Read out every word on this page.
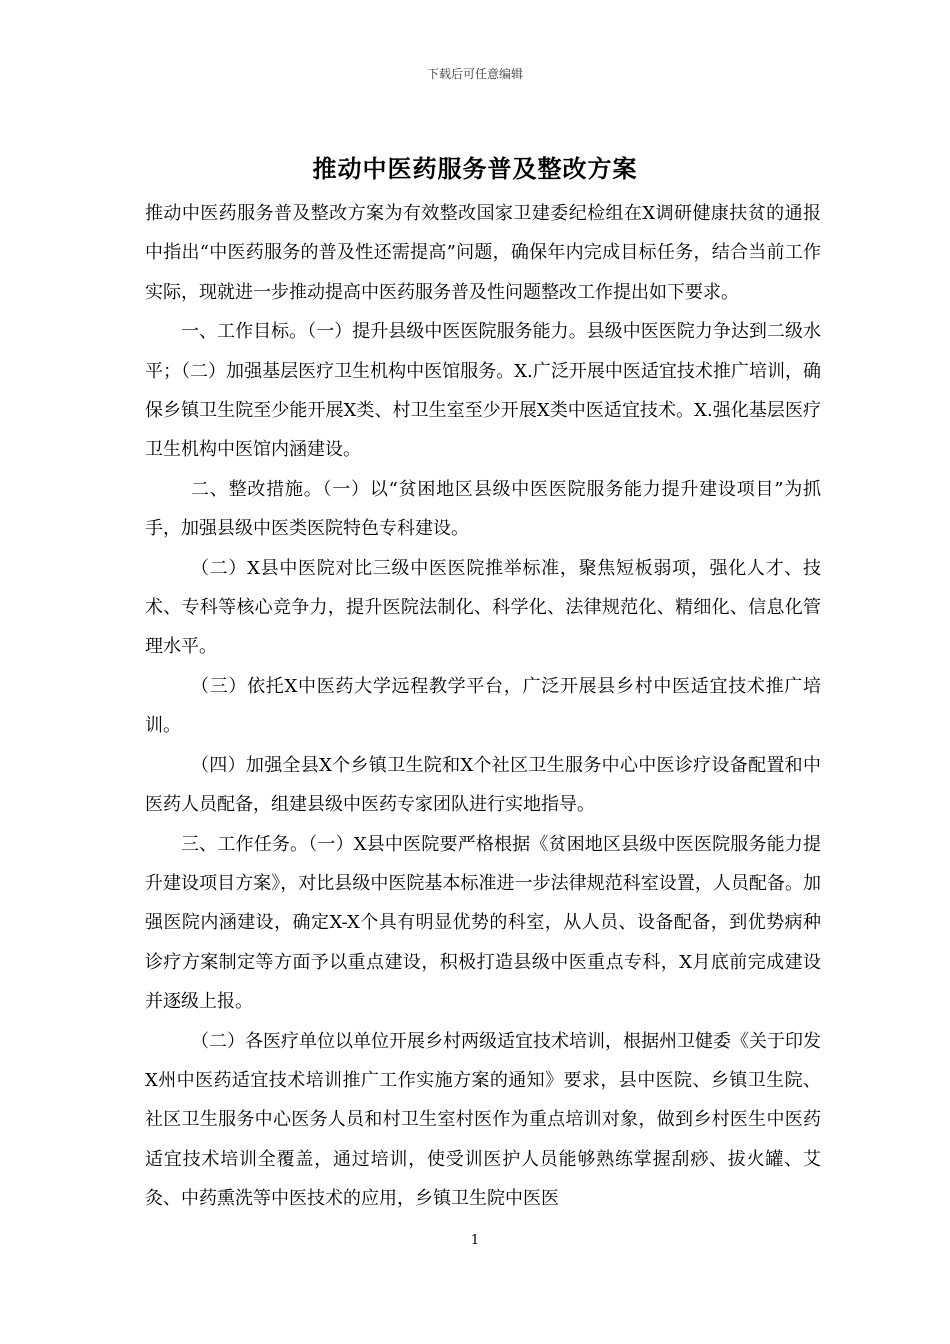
下载后可任意编辑
推动中医药服务普及整改方案

推动中医药服务普及整改方案为有效整改国家卫建委纪检组在X调研健康扶贫的通报中指出“中医药服务的普及性还需提高”问题，确保年内完成目标任务，结合当前工作实际，现就进一步推动提高中医药服务普及性问题整改工作提出如下要求。

一、工作目标。（一）提升县级中医医院服务能力。县级中医医院力争达到二级水平；（二）加强基层医疗卫生机构中医馆服务。X.广泛开展中医适宜技术推广培训，确保乡镇卫生院至少能开展X类、村卫生室至少开展X类中医适宜技术。X.强化基层医疗卫生机构中医馆内涵建设。

二、整改措施。（一）以“贫困地区县级中医医院服务能力提升建设项目”为抓手，加强县级中医类医院特色专科建设。

（二）X县中医院对比三级中医医院推举标准，聚焦短板弱项，强化人才、技术、专科等核心竞争力，提升医院法制化、科学化、法律规范化、精细化、信息化管理水平。

（三）依托X中医药大学远程教学平台，广泛开展县乡村中医适宜技术推广培训。

（四）加强全县X个乡镇卫生院和X个社区卫生服务中心中医诊疗设备配置和中医药人员配备，组建县级中医药专家团队进行实地指导。

三、工作任务。（一）X县中医院要严格根据《贫困地区县级中医医院服务能力提升建设项目方案》，对比县级中医院基本标准进一步法律规范科室设置，人员配备。加强医院内涵建设，确定X-X个具有明显优势的科室，从人员、设备配备，到优势病种诊疗方案制定等方面予以重点建设，积极打造县级中医重点专科，X月底前完成建设并逐级上报。

（二）各医疗单位以单位开展乡村两级适宜技术培训，根据州卫健委《关于印发X州中医药适宜技术培训推广工作实施方案的通知》要求，县中医院、乡镇卫生院、社区卫生服务中心医务人员和村卫生室村医作为重点培训对象，做到乡村医生中医药适宜技术培训全覆盖，通过培训，使受训医护人员能够熟练掌握刮痧、拔火罐、艾灸、中药熏洗等中医技术的应用，乡镇卫生院中医医

1
